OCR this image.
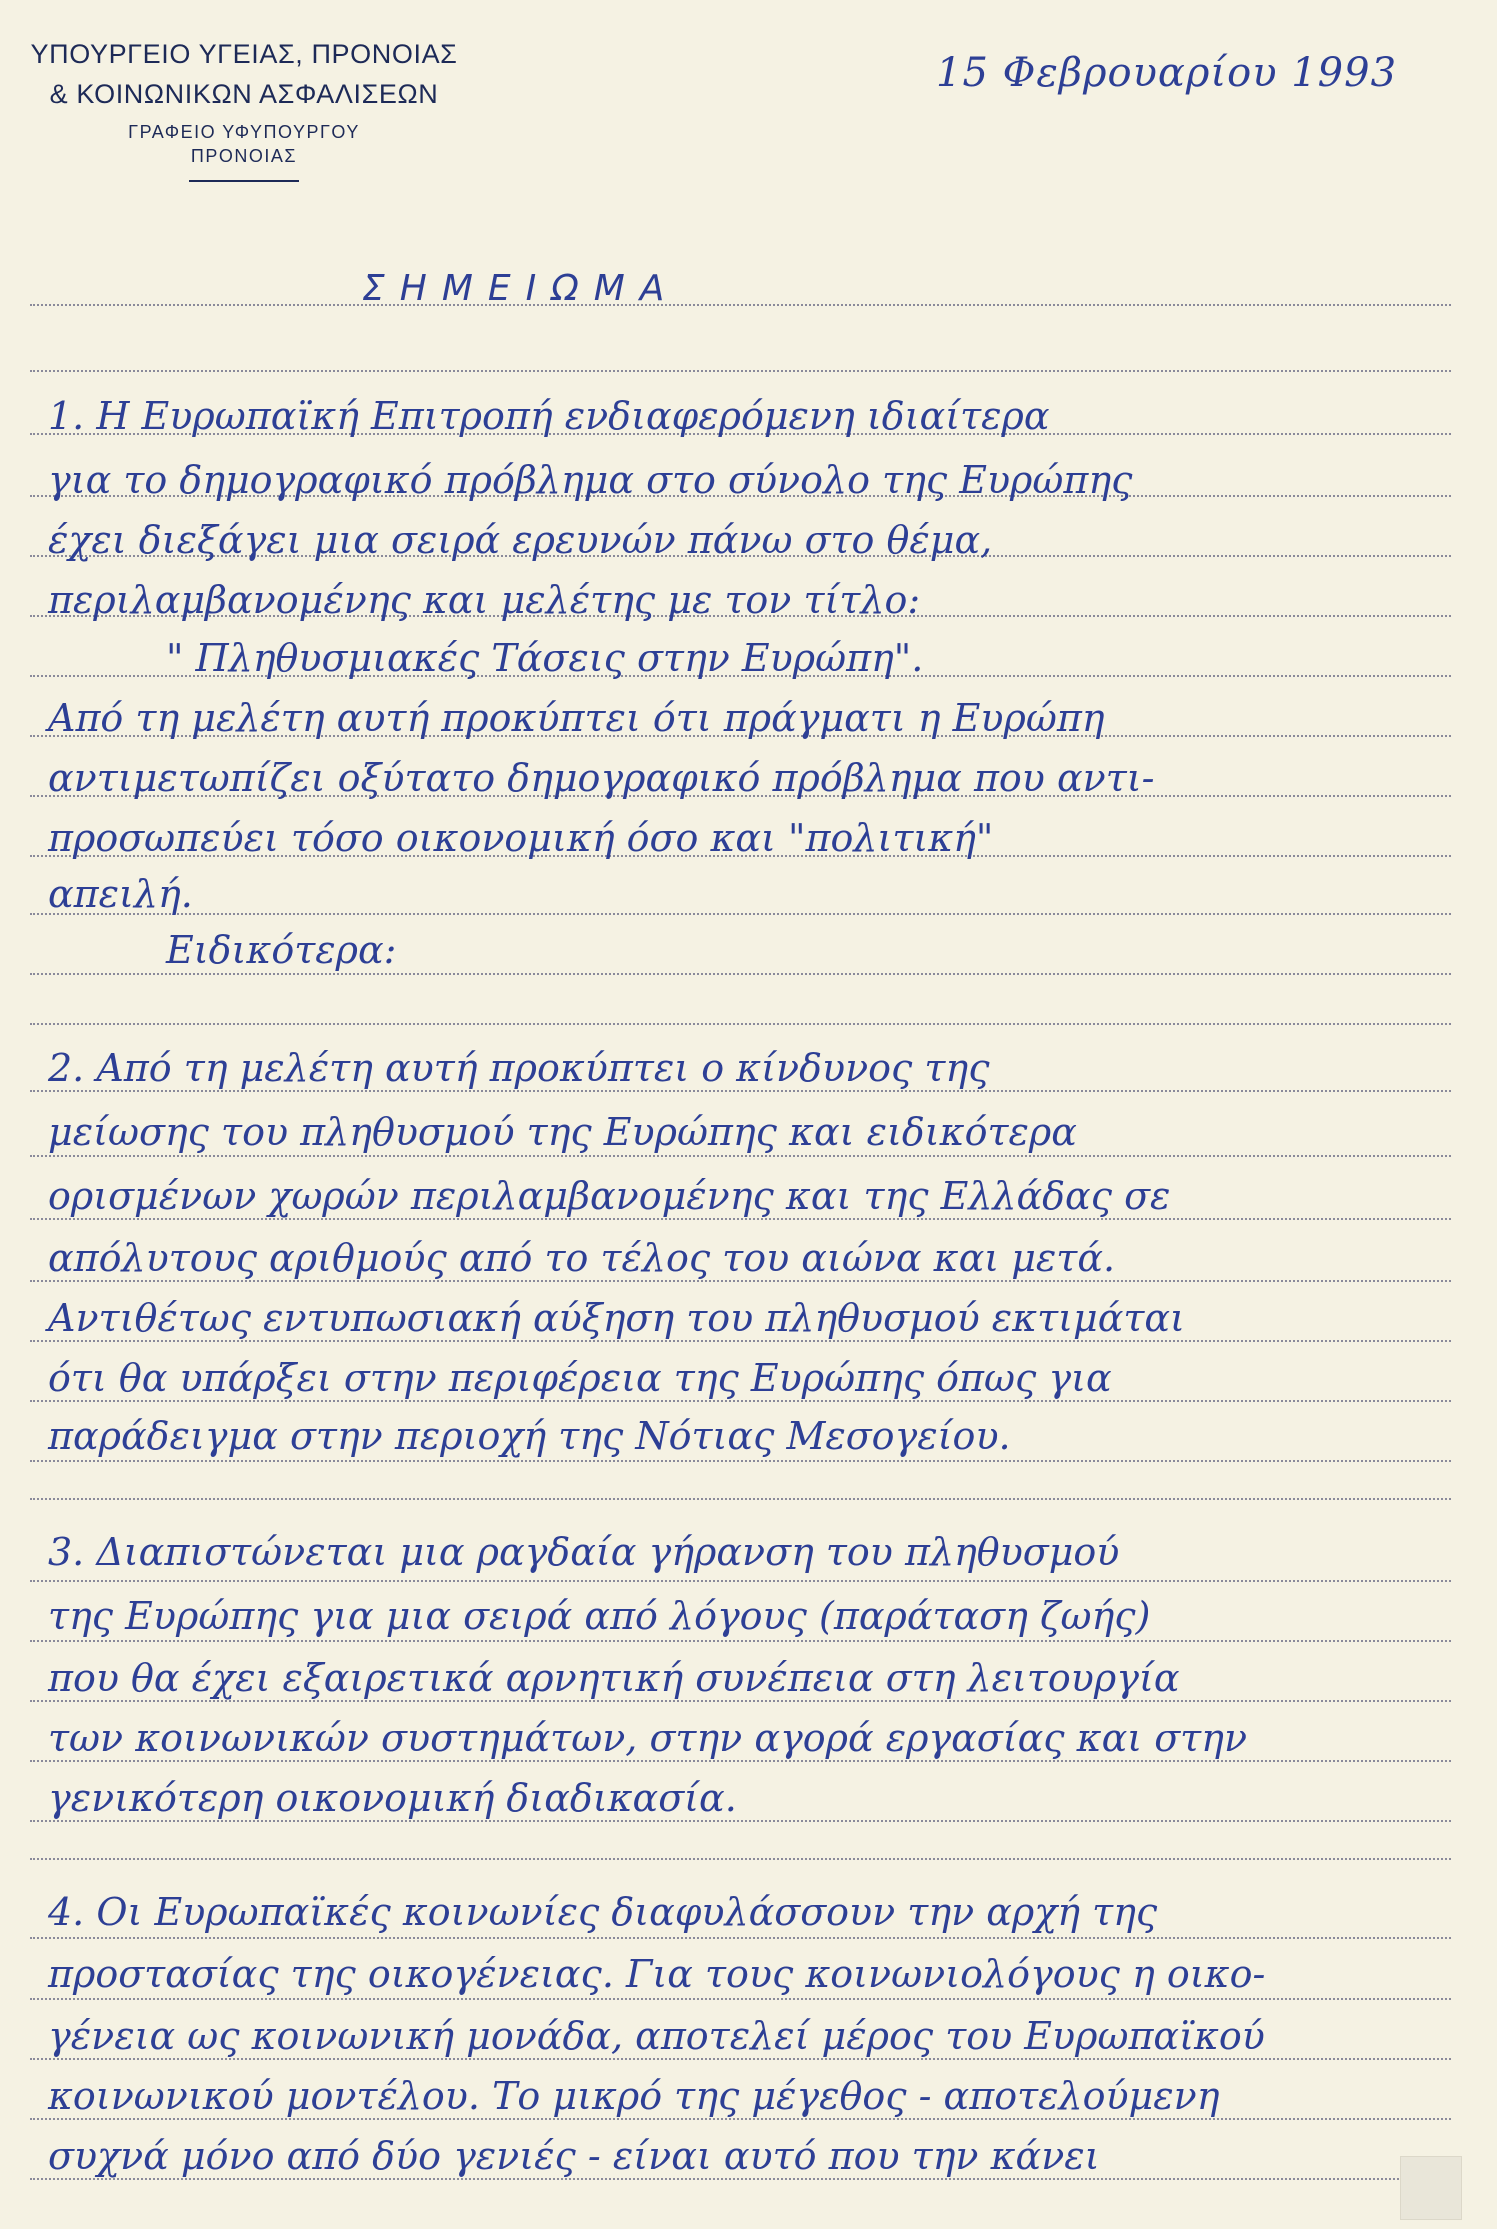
ΥΠΟΥΡΓΕΙΟ ΥΓΕΙΑΣ, ΠΡΟΝΟΙΑΣ
& ΚΟΙΝΩΝΙΚΩΝ ΑΣΦΑΛΙΣΕΩΝ
ΓΡΑΦΕΙΟ ΥΦΥΠΟΥΡΓΟΥ
ΠΡΟΝΟΙΑΣ
15 Φεβρουαρίου 1993
ΣΗΜΕΙΩΜΑ
1. Η Ευρωπαϊκή Επιτροπή ενδιαφερόμενη ιδιαίτερα
για το δημογραφικό πρόβλημα στο σύνολο της Ευρώπης
έχει διεξάγει μια σειρά ερευνών πάνω στο θέμα,
περιλαμβανομένης και μελέτης με τον τίτλο:
" Πληθυσμιακές Τάσεις στην Ευρώπη".
Από τη μελέτη αυτή προκύπτει ότι πράγματι η Ευρώπη
αντιμετωπίζει οξύτατο δημογραφικό πρόβλημα που αντι-
προσωπεύει τόσο οικονομική όσο και "πολιτική"
απειλή.
Ειδικότερα:
2. Από τη μελέτη αυτή προκύπτει ο κίνδυνος της
μείωσης του πληθυσμού της Ευρώπης και ειδικότερα
ορισμένων χωρών περιλαμβανομένης και της Ελλάδας σε
απόλυτους αριθμούς από το τέλος του αιώνα και μετά.
Αντιθέτως εντυπωσιακή αύξηση του πληθυσμού εκτιμάται
ότι θα υπάρξει στην περιφέρεια της Ευρώπης όπως για
παράδειγμα στην περιοχή της Νότιας Μεσογείου.
3. Διαπιστώνεται μια ραγδαία γήρανση του πληθυσμού
της Ευρώπης για μια σειρά από λόγους (παράταση ζωής)
που θα έχει εξαιρετικά αρνητική συνέπεια στη λειτουργία
των κοινωνικών συστημάτων, στην αγορά εργασίας και στην
γενικότερη οικονομική διαδικασία.
4. Οι Ευρωπαϊκές κοινωνίες διαφυλάσσουν την αρχή της
προστασίας της οικογένειας. Για τους κοινωνιολόγους η οικο-
γένεια ως κοινωνική μονάδα, αποτελεί μέρος του Ευρωπαϊκού
κοινωνικού μοντέλου. Το μικρό της μέγεθος - αποτελούμενη
συχνά μόνο από δύο γενιές - είναι αυτό που την κάνει
